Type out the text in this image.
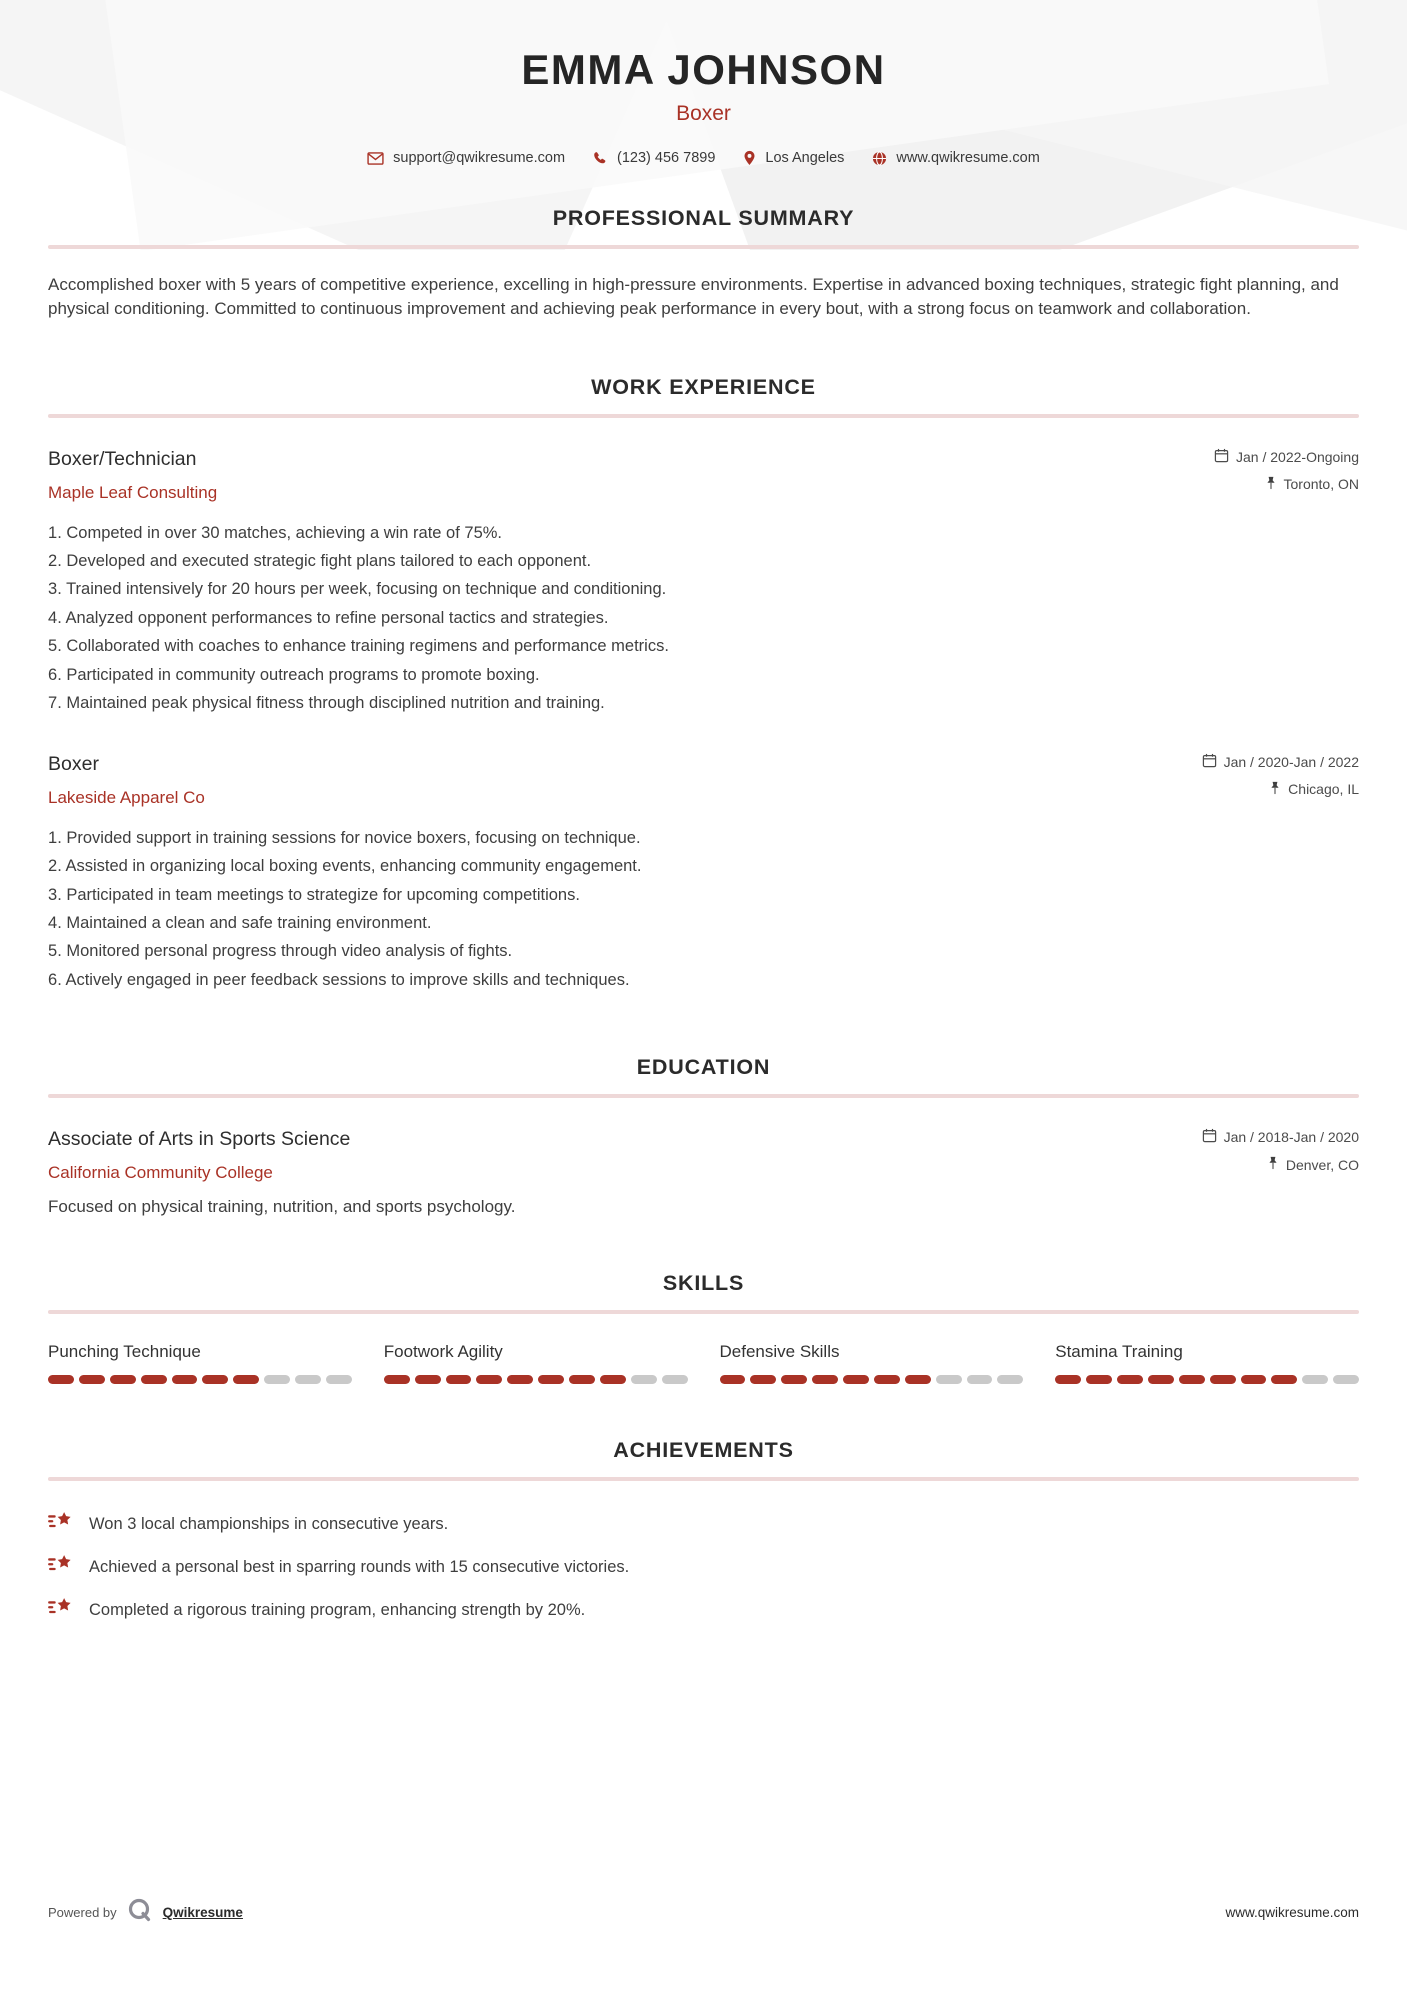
EMMA JOHNSON
Boxer
support@qwikresume.com	(123) 456 7899	Los Angeles	www.qwikresume.com
PROFESSIONAL SUMMARY

Accomplished boxer with 5 years of competitive experience, excelling in high-pressure environments. Expertise in advanced boxing techniques, strategic fight planning, and physical conditioning. Committed to continuous improvement and achieving peak performance in every bout, with a strong focus on teamwork and collaboration.

WORK EXPERIENCE
Boxer/Technician
Maple Leaf Consulting
Jan / 2022-Ongoing
Toronto, ON
Competed in over 30 matches, achieving a win rate of 75%.
Developed and executed strategic fight plans tailored to each opponent.
Trained intensively for 20 hours per week, focusing on technique and conditioning.
Analyzed opponent performances to refine personal tactics and strategies.
Collaborated with coaches to enhance training regimens and performance metrics.
Participated in community outreach programs to promote boxing.
Maintained peak physical fitness through disciplined nutrition and training.
Boxer
Lakeside Apparel Co
Jan / 2020-Jan / 2022
Chicago, IL
Provided support in training sessions for novice boxers, focusing on technique.
Assisted in organizing local boxing events, enhancing community engagement.
Participated in team meetings to strategize for upcoming competitions.
Maintained a clean and safe training environment.
Monitored personal progress through video analysis of fights.
Actively engaged in peer feedback sessions to improve skills and techniques.
EDUCATION
Associate of Arts in Sports Science
California Community College
Jan / 2018-Jan / 2020
Denver, CO
Focused on physical training, nutrition, and sports psychology.
SKILLS
Punching Technique	Footwork Agility	Defensive Skills	Stamina Training
ACHIEVEMENTS
Won 3 local championships in consecutive years.
Achieved a personal best in sparring rounds with 15 consecutive victories.
Completed a rigorous training program, enhancing strength by 20%.
Powered by	Qwikresume	www.qwikresume.com
